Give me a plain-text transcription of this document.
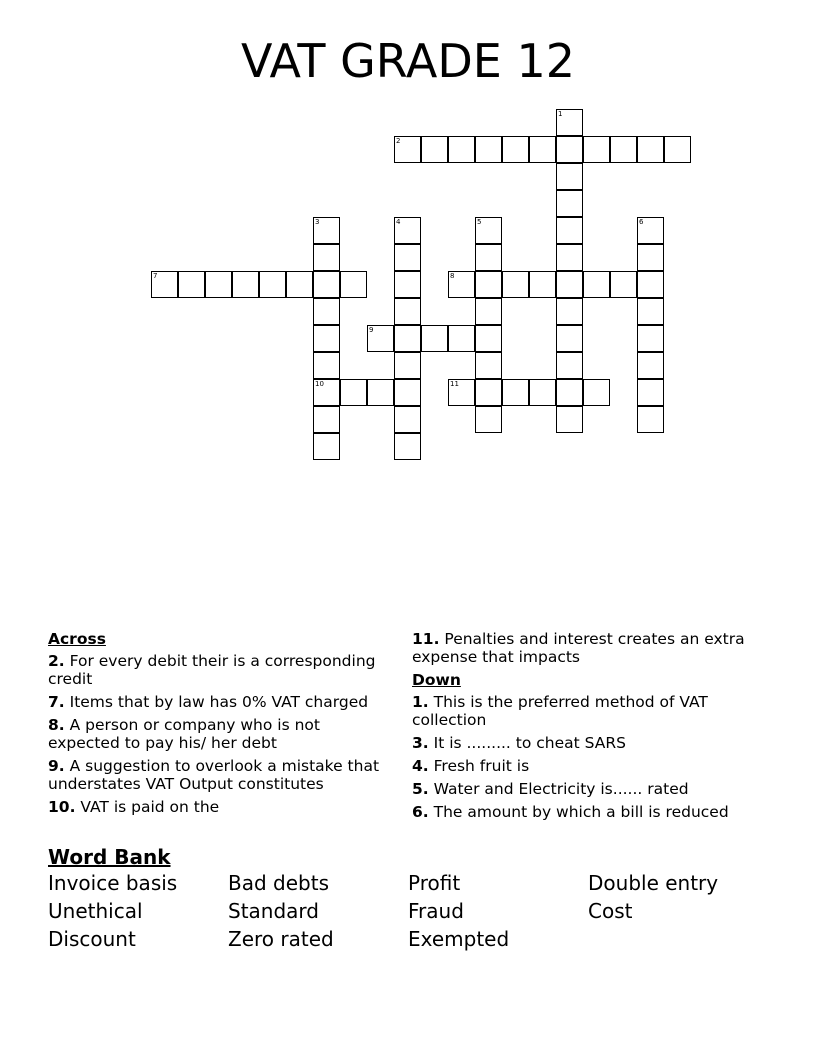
VAT GRADE 12
1
2
3
10
4	5	6
7	8
9
11
Across
2. For every debit their is a corresponding credit
7. Items that by law has 0% VAT charged
8. A person or company who is not expected to pay his/ her debt
9. A suggestion to overlook a mistake that understates VAT Output constitutes
10. VAT is paid on the
11. Penalties and interest creates an extra expense that impacts
Down
1. This is the preferred method of VAT collection
3. It is ......... to cheat SARS
4. Fresh fruit is
5. Water and Electricity is...... rated
6. The amount by which a bill is reduced
Word Bank
Invoice basis	Bad debts	Profit	Double entry
Unethical	Standard	Fraud	Cost
Discount	Zero rated	Exempted
